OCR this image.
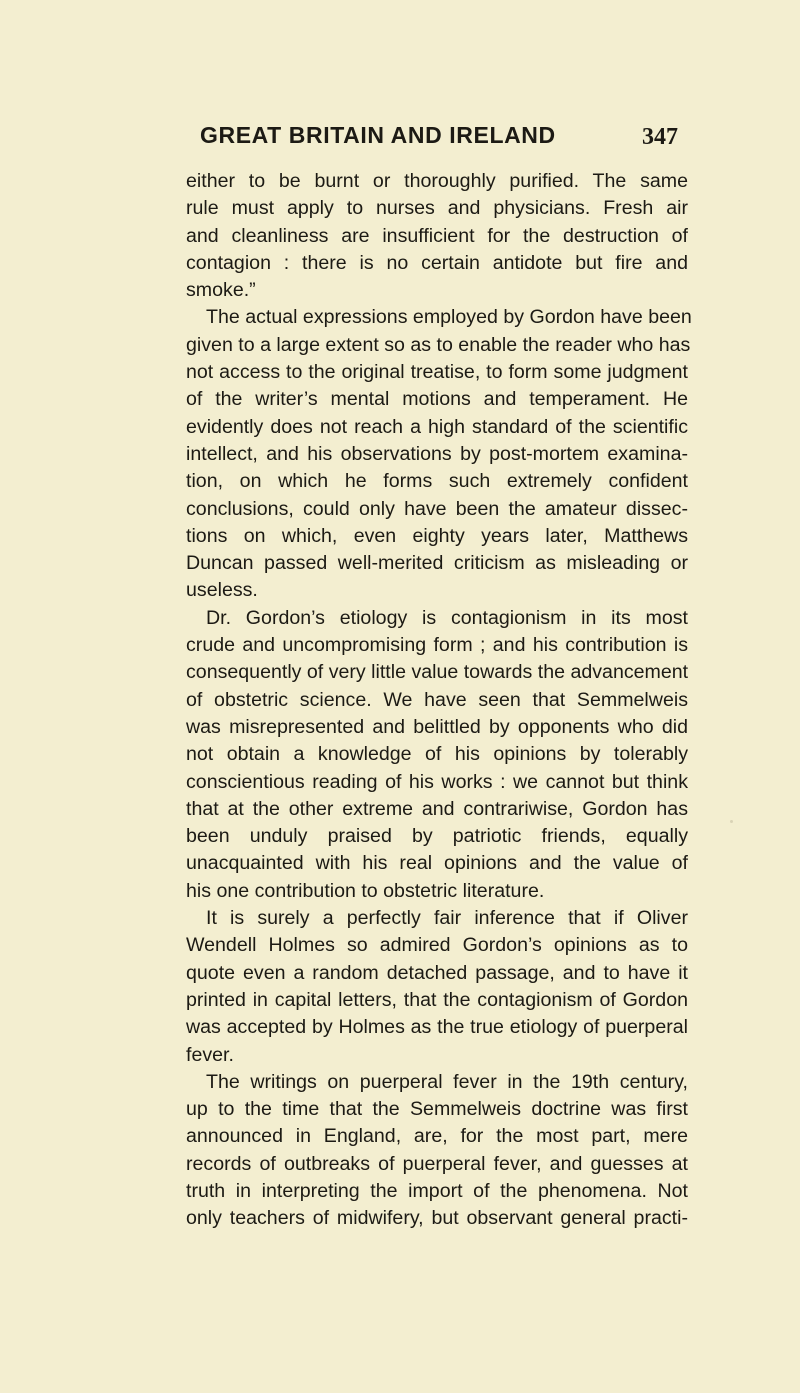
GREAT BRITAIN AND IRELAND	347
either to be burnt or thoroughly purified. The same
rule must apply to nurses and physicians. Fresh air
and cleanliness are insufficient for the destruction of
contagion : there is no certain antidote but fire and
smoke.”
The actual expressions employed by Gordon have been
given to a large extent so as to enable the reader who has
not access to the original treatise, to form some judgment
of the writer’s mental motions and temperament. He
evidently does not reach a high standard of the scientific
intellect, and his observations by post-mortem examina-
tion, on which he forms such extremely confident
conclusions, could only have been the amateur dissec-
tions on which, even eighty years later, Matthews
Duncan passed well-merited criticism as misleading or
useless.
Dr. Gordon’s etiology is contagionism in its most
crude and uncompromising form ; and his contribution is
consequently of very little value towards the advancement
of obstetric science. We have seen that Semmelweis
was misrepresented and belittled by opponents who did
not obtain a knowledge of his opinions by tolerably
conscientious reading of his works : we cannot but think
that at the other extreme and contrariwise, Gordon has
been unduly praised by patriotic friends, equally
unacquainted with his real opinions and the value of
his one contribution to obstetric literature.
It is surely a perfectly fair inference that if Oliver
Wendell Holmes so admired Gordon’s opinions as to
quote even a random detached passage, and to have it
printed in capital letters, that the contagionism of Gordon
was accepted by Holmes as the true etiology of puerperal
fever.
The writings on puerperal fever in the 19th century,
up to the time that the Semmelweis doctrine was first
announced in England, are, for the most part, mere
records of outbreaks of puerperal fever, and guesses at
truth in interpreting the import of the phenomena. Not
only teachers of midwifery, but observant general practi-
